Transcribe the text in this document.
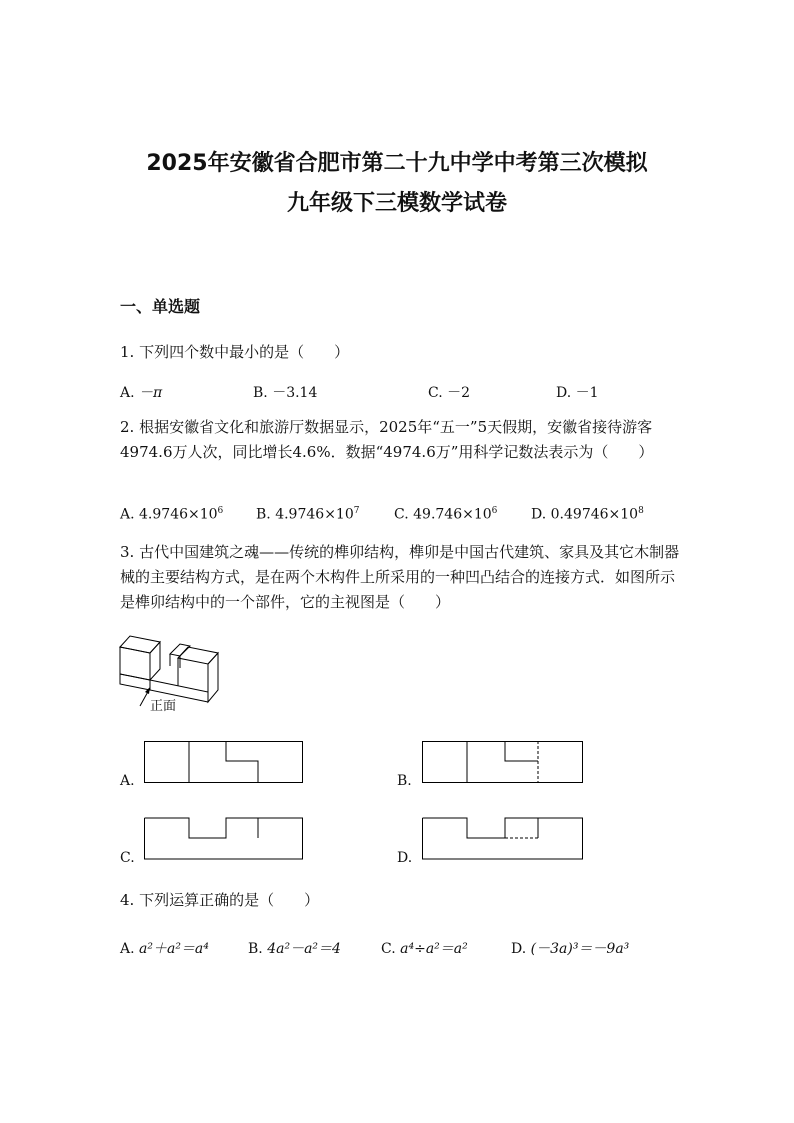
2025年安徽省合肥市第二十九中学中考第三次模拟
九年级下三模数学试卷
一、单选题
1. 下列四个数中最小的是（　　）
A. －π	B. －3.14	C. －2	D. －1
2. 根据安徽省文化和旅游厅数据显示，2025年“五一”5天假期，安徽省接待游客4974.6万人次，同比增长4.6%．数据“4974.6万”用科学记数法表示为（　　）
A. $4.9746\times 10^6$ B. $4.9746\times 10^7$ C. $49.746\times 10^6$ D. $0.49746\times 10^8$
3. 古代中国建筑之魂——传统的榫卯结构，榫卯是中国古代建筑、家具及其它木制器械的主要结构方式，是在两个木构件上所采用的一种凹凸结合的连接方式．如图所示是榫卯结构中的一个部件，它的主视图是（　　）
正面
A.	B.
C.	D.
4. 下列运算正确的是（　　）
A. a²＋a²＝a⁴	B. 4a²－a²＝4	C. a⁴÷a²＝a²	D. (－3a)³＝－9a³
